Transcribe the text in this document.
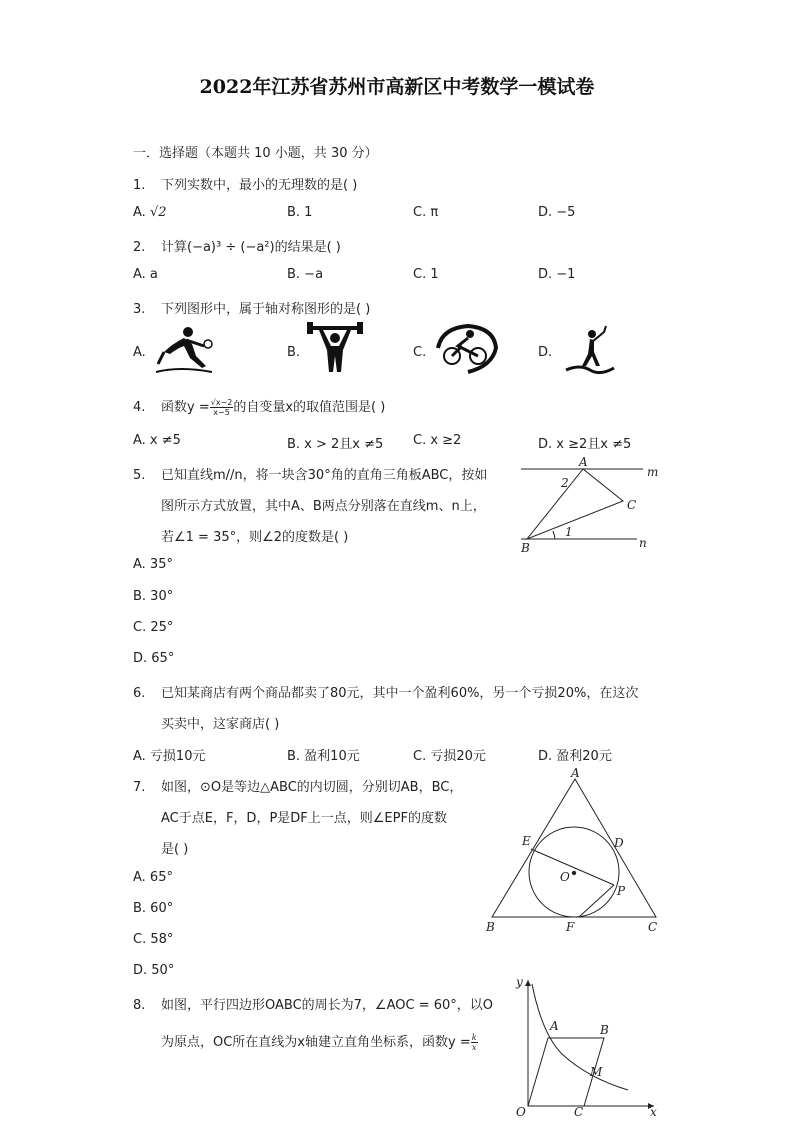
2022年江苏省苏州市高新区中考数学一模试卷
一．选择题（本题共 10 小题，共 30 分）
1. 下列实数中，最小的无理数的是( )
A. √2	B. 1	C. π	D. −5
2. 计算(−a)³ ÷ (−a²)的结果是( )
A. a	B. −a	C. 1	D. −1
3. 下列图形中，属于轴对称图形的是( )
A.	B.	C.	D.
4. 函数$y = \frac{√x-2}{x-5}$ 的自变量x的取值范围是( )
A. x ≠5	B. x > 2且x ≠5 C. x ≥2	D. x ≥2且x ≠5
5. 已知直线m//n，将一块含30°角的直角三角板ABC，按如
图所示方式放置，其中A、B两点分别落在直线m、n上，
若∠1 = 35°，则∠2的度数是( )
A. 35°
B. 30°
C. 25°
D. 65°
A
B
C
m
n
1
2
6. 已知某商店有两个商品都卖了80元，其中一个盈利60%，另一个亏损20%，在这次
买卖中，这家商店( )
A. 亏损10元	B. 盈利10元	C. 亏损20元	D. 盈利20元
7. 如图，⊙O是等边△ABC的内切圆，分别切AB，BC，
AC于点E，F，D，P是DF上一点，则∠EPF的度数
是( )
A. 65°
B. 60°
C. 58°
D. 50°
A
B	C
D
E
F
O
P
8. 如图，平行四边形OABC的周长为7，∠AOC = 60°，以O
为原点，OC所在直线为x轴建立直角坐标系，函数$y = \frac{k}{x}$
y
x
O
A	B
C
M
